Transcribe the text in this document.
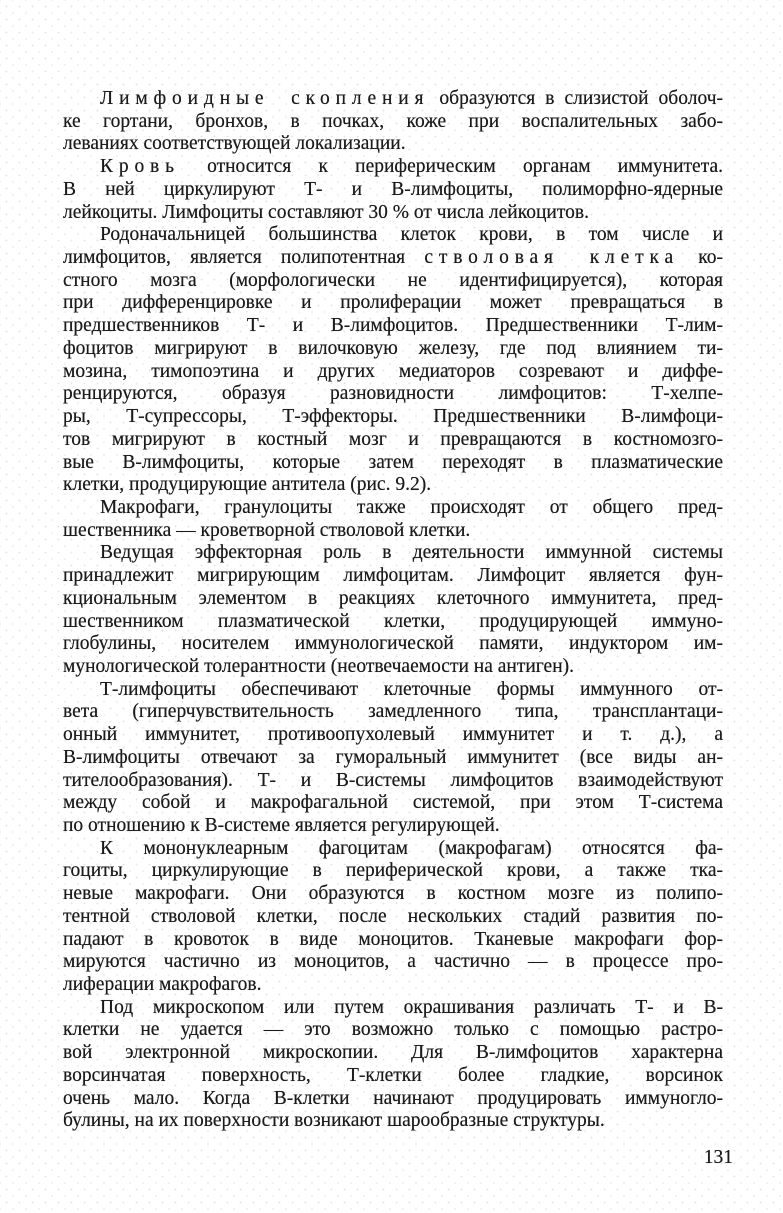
Лимфоидные скопления образуются в слизистой оболоч-
ке гортани, бронхов, в почках, коже при воспалительных забо-
леваниях соответствующей локализации.
Кровь относится к периферическим органам иммунитета.
В ней циркулируют Т- и В-лимфоциты, полиморфно-ядерные
лейкоциты. Лимфоциты составляют 30 % от числа лейкоцитов.
Родоначальницей большинства клеток крови, в том числе и
лимфоцитов, является полипотентная стволовая клетка ко-
стного мозга (морфологически не идентифицируется), которая
при дифференцировке и пролиферации может превращаться в
предшественников Т- и В-лимфоцитов. Предшественники Т-лим-
фоцитов мигрируют в вилочковую железу, где под влиянием ти-
мозина, тимопоэтина и других медиаторов созревают и диффе-
ренцируются, образуя разновидности лимфоцитов: Т-хелпе-
ры, Т-супрессоры, Т-эффекторы. Предшественники В-лимфоци-
тов мигрируют в костный мозг и превращаются в костномозго-
вые В-лимфоциты, которые затем переходят в плазматические
клетки, продуцирующие антитела (рис. 9.2).
Макрофаги, гранулоциты также происходят от общего пред-
шественника — кроветворной стволовой клетки.
Ведущая эффекторная роль в деятельности иммунной системы
принадлежит мигрирующим лимфоцитам. Лимфоцит является фун-
кциональным элементом в реакциях клеточного иммунитета, пред-
шественником плазматической клетки, продуцирующей иммуно-
глобулины, носителем иммунологической памяти, индуктором им-
мунологической толерантности (неотвечаемости на антиген).
Т-лимфоциты обеспечивают клеточные формы иммунного от-
вета (гиперчувствительность замедленного типа, трансплантаци-
онный иммунитет, противоопухолевый иммунитет и т. д.), а
В-лимфоциты отвечают за гуморальный иммунитет (все виды ан-
тителообразования). Т- и В-системы лимфоцитов взаимодействуют
между собой и макрофагальной системой, при этом Т-система
по отношению к В-системе является регулирующей.
К мононуклеарным фагоцитам (макрофагам) относятся фа-
гоциты, циркулирующие в периферической крови, а также тка-
невые макрофаги. Они образуются в костном мозге из полипо-
тентной стволовой клетки, после нескольких стадий развития по-
падают в кровоток в виде моноцитов. Тканевые макрофаги фор-
мируются частично из моноцитов, а частично — в процессе про-
лиферации макрофагов.
Под микроскопом или путем окрашивания различать Т- и В-
клетки не удается — это возможно только с помощью растро-
вой электронной микроскопии. Для В-лимфоцитов характерна
ворсинчатая поверхность, Т-клетки более гладкие, ворсинок
очень мало. Когда В-клетки начинают продуцировать иммуногло-
булины, на их поверхности возникают шарообразные структуры.
131
